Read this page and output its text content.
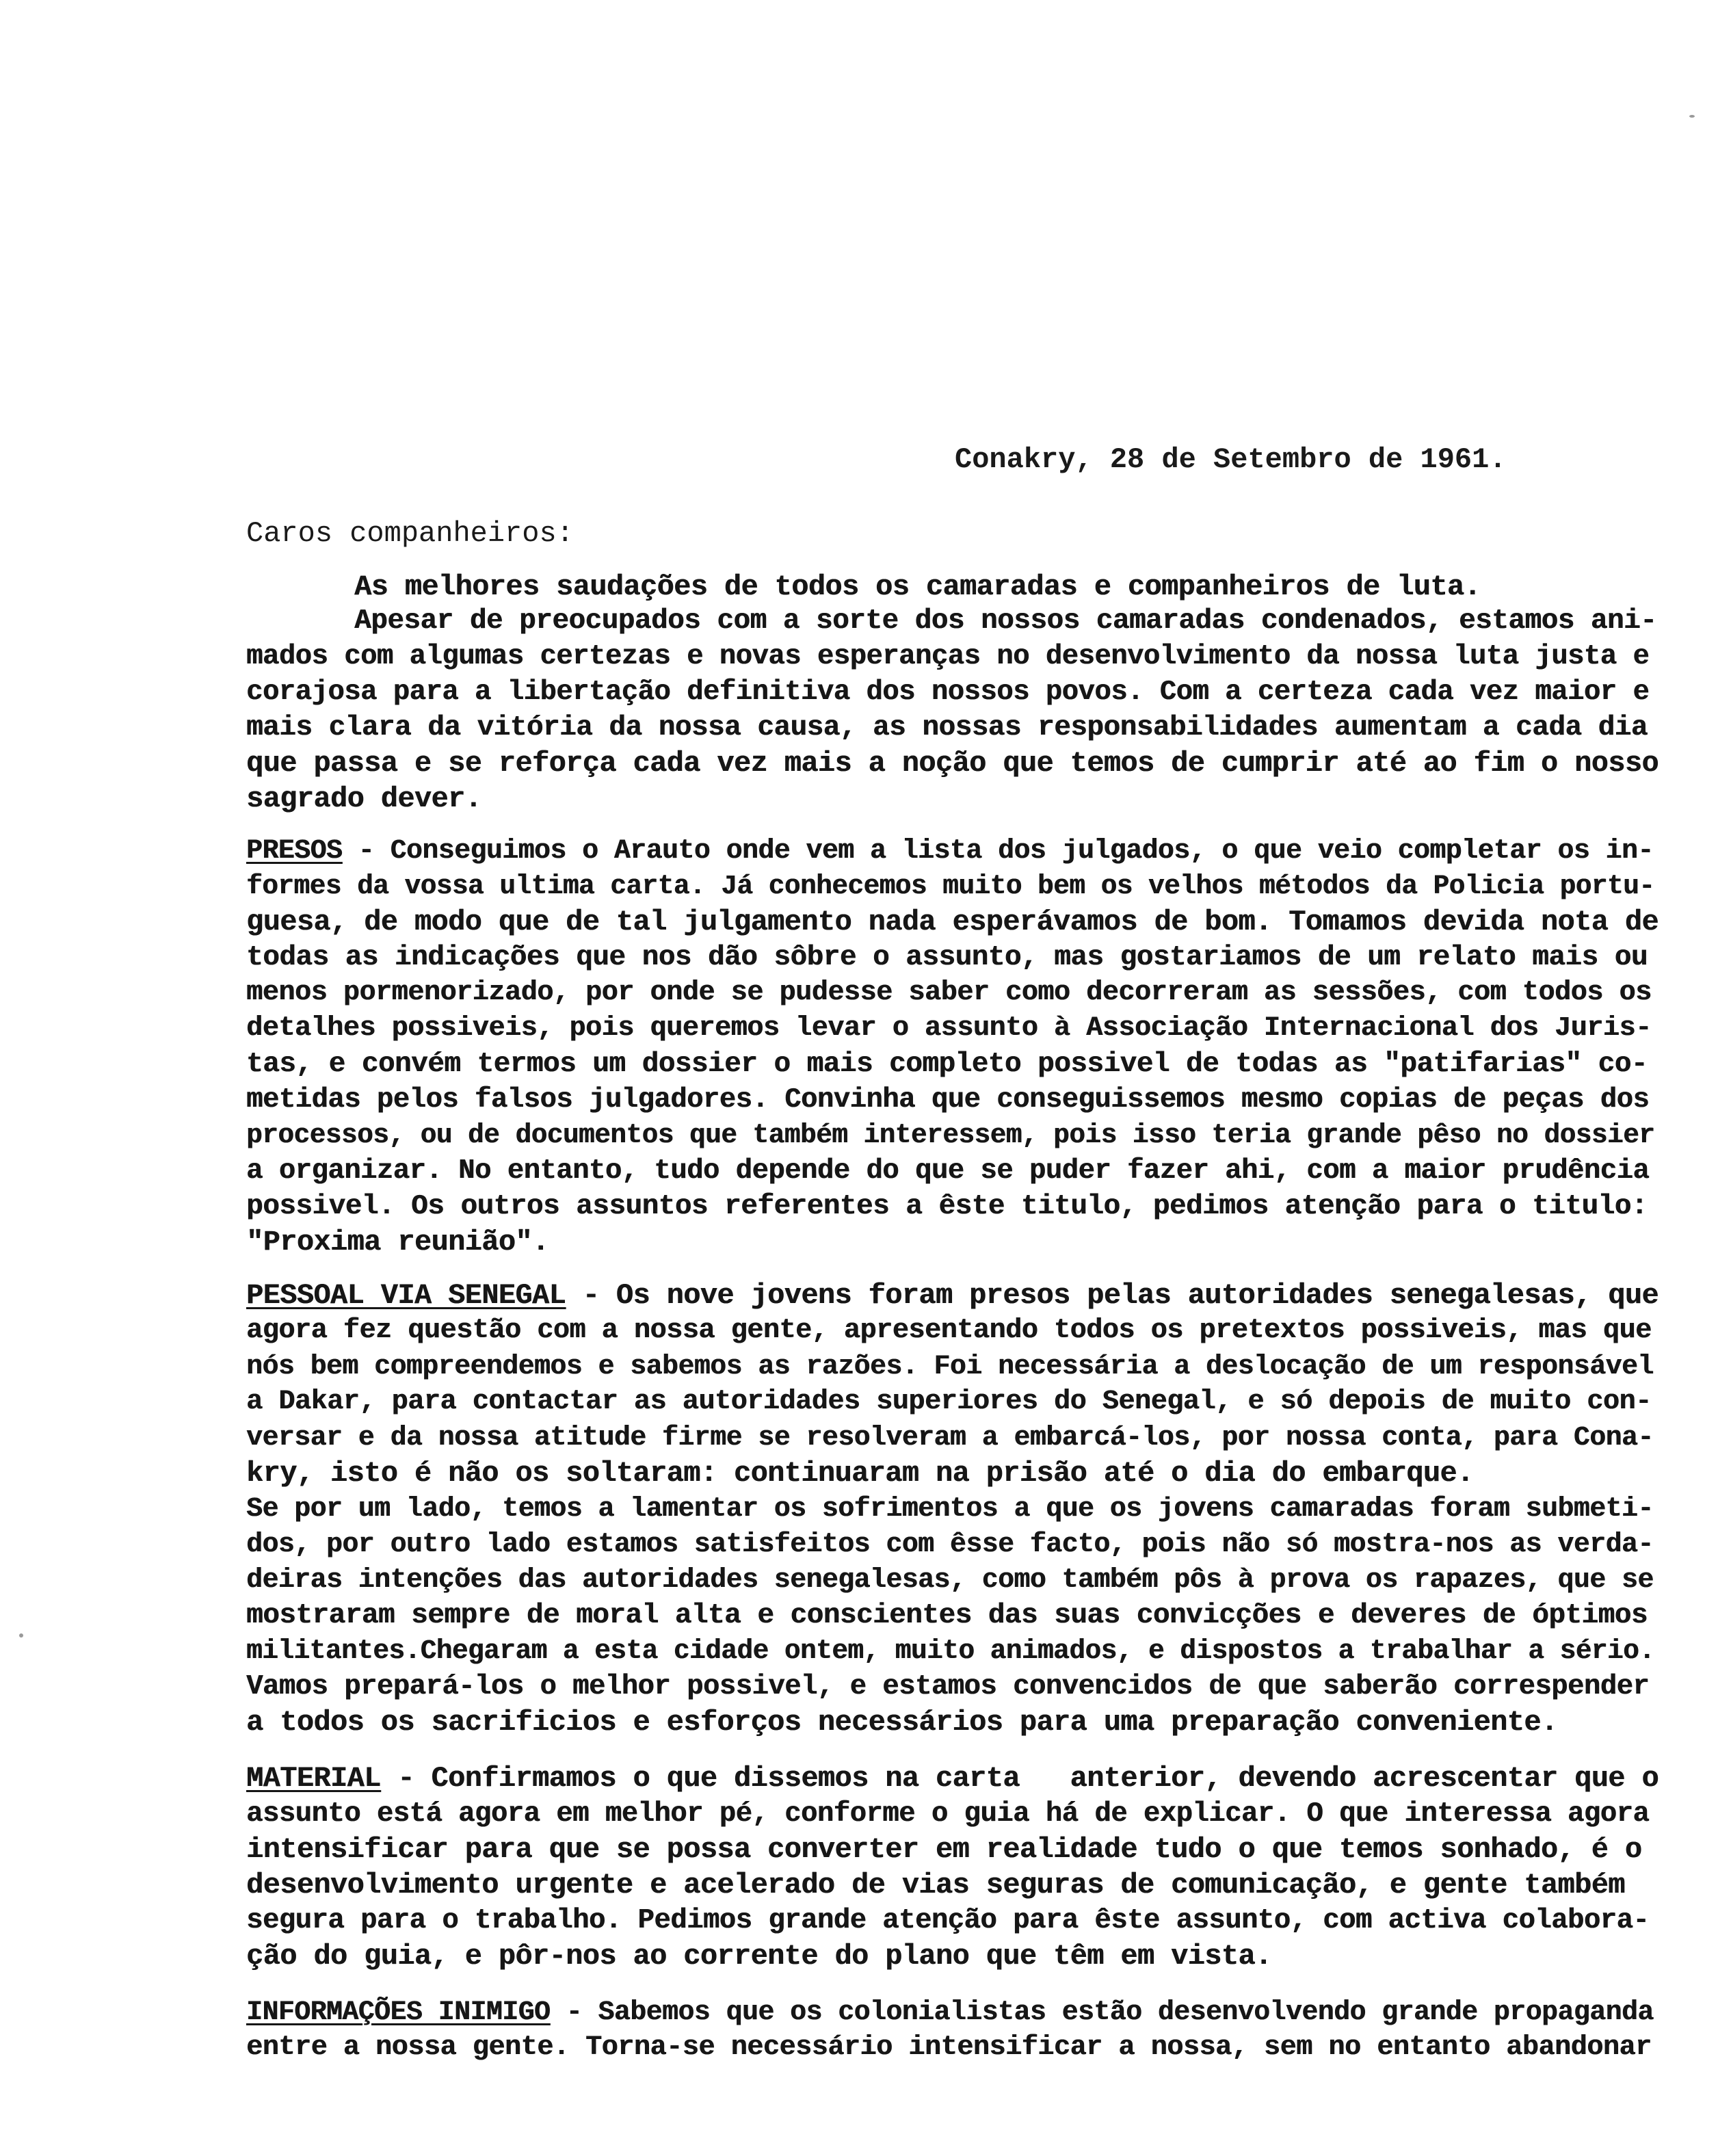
Conakry, 28 de Setembro de 1961.
Caros companheiros:
As melhores saudações de todos os camaradas e companheiros de luta.
Apesar de preocupados com a sorte dos nossos camaradas condenados, estamos ani-
mados com algumas certezas e novas esperanças no desenvolvimento da nossa luta justa e
corajosa para a libertação definitiva dos nossos povos. Com a certeza cada vez maior e
mais clara da vitória da nossa causa, as nossas responsabilidades aumentam a cada dia
que passa e se reforça cada vez mais a noção que temos de cumprir até ao fim o nosso
sagrado dever.
PRESOS - Conseguimos o Arauto onde vem a lista dos julgados, o que veio completar os in-
formes da vossa ultima carta. Já conhecemos muito bem os velhos métodos da Policia portu-
guesa, de modo que de tal julgamento nada esperávamos de bom. Tomamos devida nota de
todas as indicações que nos dão sôbre o assunto, mas gostariamos de um relato mais ou
menos pormenorizado, por onde se pudesse saber como decorreram as sessões, com todos os
detalhes possiveis, pois queremos levar o assunto à Associação Internacional dos Juris-
tas, e convém termos um dossier o mais completo possivel de todas as "patifarias" co-
metidas pelos falsos julgadores. Convinha que conseguissemos mesmo copias de peças dos
processos, ou de documentos que também interessem, pois isso teria grande pêso no dossier
a organizar. No entanto, tudo depende do que se puder fazer ahi, com a maior prudência
possivel. Os outros assuntos referentes a êste titulo, pedimos atenção para o titulo:
"Proxima reunião".
PESSOAL VIA SENEGAL - Os nove jovens foram presos pelas autoridades senegalesas, que
agora fez questão com a nossa gente, apresentando todos os pretextos possiveis, mas que
nós bem compreendemos e sabemos as razões. Foi necessária a deslocação de um responsável
a Dakar, para contactar as autoridades superiores do Senegal, e só depois de muito con-
versar e da nossa atitude firme se resolveram a embarcá-los, por nossa conta, para Cona-
kry, isto é não os soltaram: continuaram na prisão até o dia do embarque.
Se por um lado, temos a lamentar os sofrimentos a que os jovens camaradas foram submeti-
dos, por outro lado estamos satisfeitos com êsse facto, pois não só mostra-nos as verda-
deiras intenções das autoridades senegalesas, como também pôs à prova os rapazes, que se
mostraram sempre de moral alta e conscientes das suas convicções e deveres de óptimos
militantes.Chegaram a esta cidade ontem, muito animados, e dispostos a trabalhar a sério.
Vamos prepará-los o melhor possivel, e estamos convencidos de que saberão correspender
a todos os sacrificios e esforços necessários para uma preparação conveniente.
MATERIAL - Confirmamos o que dissemos na carta   anterior, devendo acrescentar que o
assunto está agora em melhor pé, conforme o guia há de explicar. O que interessa agora
intensificar para que se possa converter em realidade tudo o que temos sonhado, é o
desenvolvimento urgente e acelerado de vias seguras de comunicação, e gente também
segura para o trabalho. Pedimos grande atenção para êste assunto, com activa colabora-
ção do guia, e pôr-nos ao corrente do plano que têm em vista.
INFORMAÇÕES INIMIGO - Sabemos que os colonialistas estão desenvolvendo grande propaganda
entre a nossa gente. Torna-se necessário intensificar a nossa, sem no entanto abandonar
